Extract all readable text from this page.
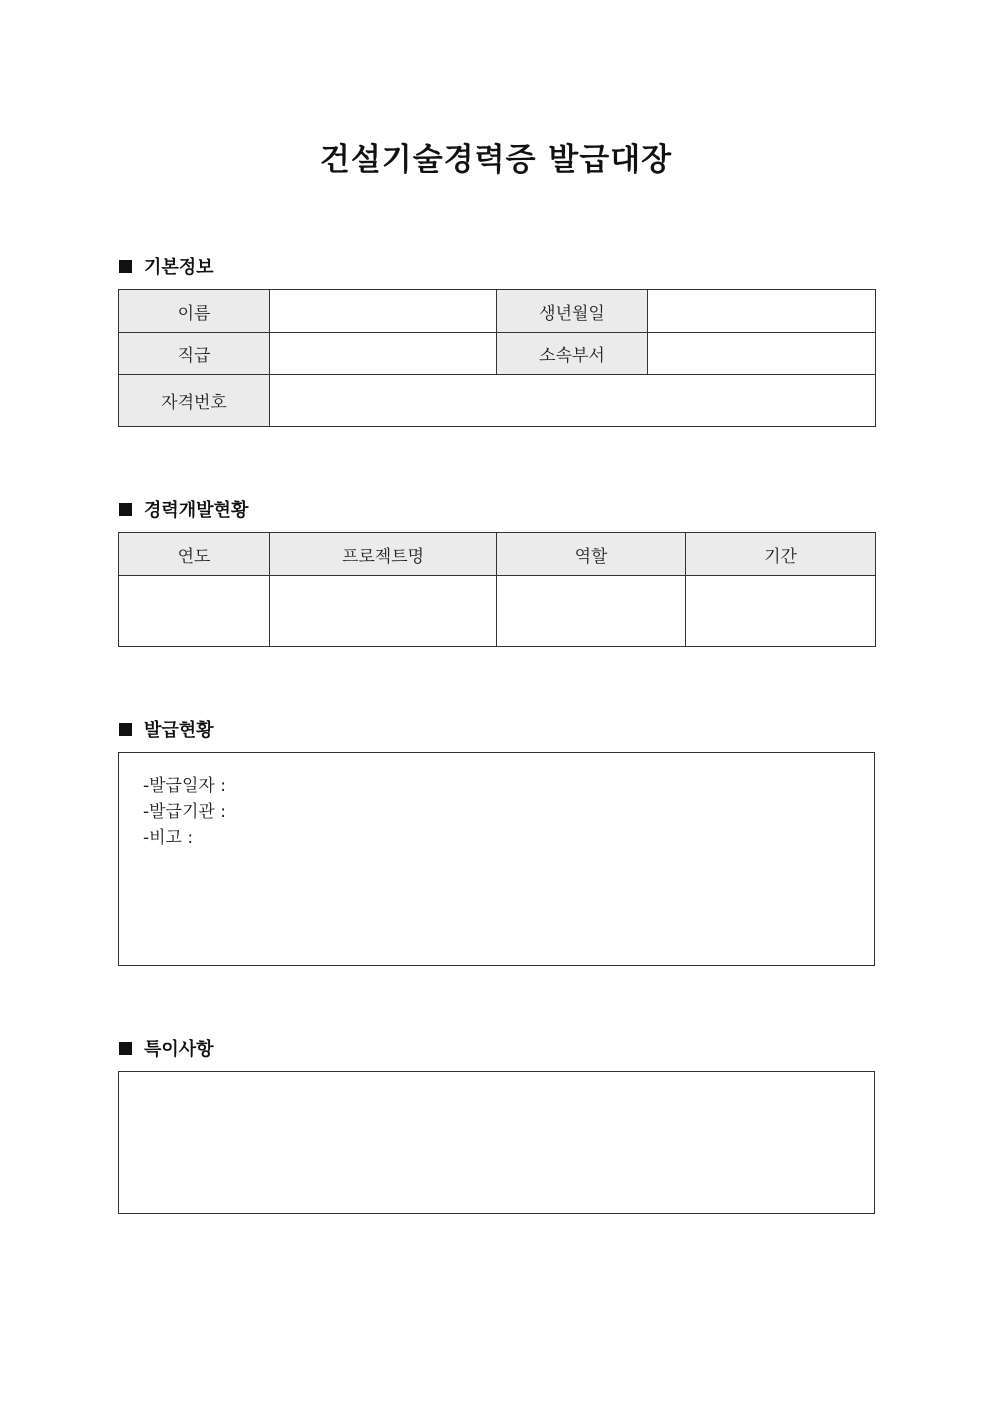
건설기술경력증 발급대장
기본정보
이름		생년월일	
직급		소속부서	
자격번호			
경력개발현황
연도	프로젝트명	역할	기간

발급현황
-발급일자 :
-발급기관 :
-비고 :
특이사항
